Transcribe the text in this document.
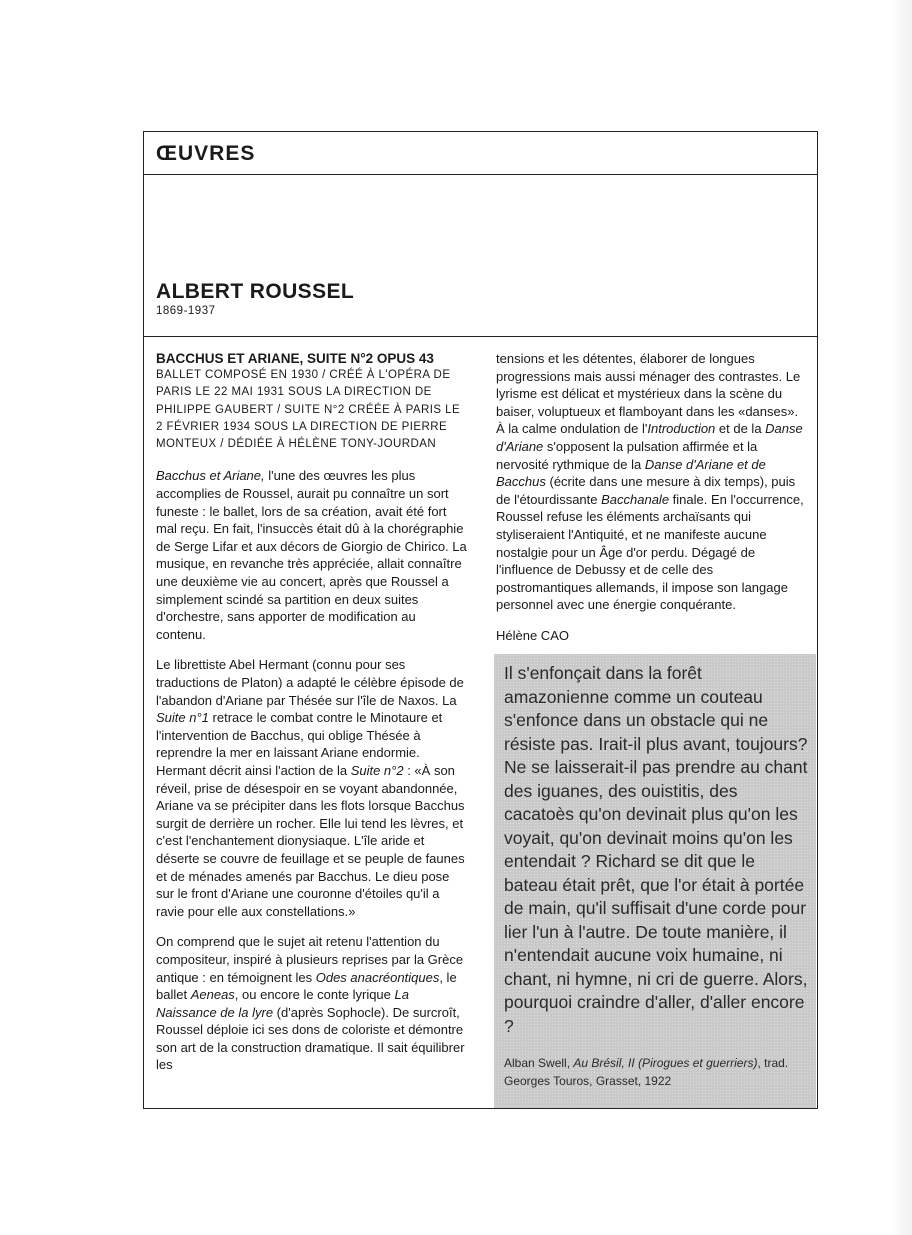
ŒUVRES
ALBERT ROUSSEL
1869-1937
BACCHUS ET ARIANE, SUITE N°2 OPUS 43

BALLET COMPOSÉ EN 1930 / CRÉÉ À L'OPÉRA DE PARIS LE 22 MAI 1931 SOUS LA DIRECTION DE PHILIPPE GAUBERT / SUITE N°2 CRÉÉE À PARIS LE 2 FÉVRIER 1934 SOUS LA DIRECTION DE PIERRE MONTEUX / DÉDIÉE À HÉLÈNE TONY-JOURDAN

Bacchus et Ariane, l'une des œuvres les plus accomplies de Roussel, aurait pu connaître un sort funeste : le ballet, lors de sa création, avait été fort mal reçu. En fait, l'insuccès était dû à la chorégraphie de Serge Lifar et aux décors de Giorgio de Chirico. La musique, en revanche très appréciée, allait connaître une deuxième vie au concert, après que Roussel a simplement scindé sa partition en deux suites d'orchestre, sans apporter de modification au contenu.

Le librettiste Abel Hermant (connu pour ses traductions de Platon) a adapté le célèbre épisode de l'abandon d'Ariane par Thésée sur l'île de Naxos. La Suite n°1 retrace le combat contre le Minotaure et l'intervention de Bacchus, qui oblige Thésée à reprendre la mer en laissant Ariane endormie. Hermant décrit ainsi l'action de la Suite n°2 : «À son réveil, prise de désespoir en se voyant abandonnée, Ariane va se précipiter dans les flots lorsque Bacchus surgit de derrière un rocher. Elle lui tend les lèvres, et c'est l'enchantement dionysiaque. L'île aride et déserte se couvre de feuillage et se peuple de faunes et de ménades amenés par Bacchus. Le dieu pose sur le front d'Ariane une couronne d'étoiles qu'il a ravie pour elle aux constellations.»

On comprend que le sujet ait retenu l'attention du compositeur, inspiré à plusieurs reprises par la Grèce antique : en témoignent les Odes anacréontiques, le ballet Aeneas, ou encore le conte lyrique La Naissance de la lyre (d'après Sophocle). De surcroît, Roussel déploie ici ses dons de coloriste et démontre son art de la construction dramatique. Il sait équilibrer les

tensions et les détentes, élaborer de longues progressions mais aussi ménager des contrastes. Le lyrisme est délicat et mystérieux dans la scène du baiser, voluptueux et flamboyant dans les «danses». À la calme ondulation de l'Introduction et de la Danse d'Ariane s'opposent la pulsation affirmée et la nervosité rythmique de la Danse d'Ariane et de Bacchus (écrite dans une mesure à dix temps), puis de l'étourdissante Bacchanale finale. En l'occurrence, Roussel refuse les éléments archaïsants qui styliseraient l'Antiquité, et ne manifeste aucune nostalgie pour un Âge d'or perdu. Dégagé de l'influence de Debussy et de celle des postromantiques allemands, il impose son langage personnel avec une énergie conquérante.

Hélène CAO

Il s'enfonçait dans la forêt amazonienne comme un couteau s'enfonce dans un obstacle qui ne résiste pas. Irait-il plus avant, toujours? Ne se laisserait-il pas prendre au chant des iguanes, des ouistitis, des cacatoès qu'on devinait plus qu'on les voyait, qu'on devinait moins qu'on les entendait ? Richard se dit que le bateau était prêt, que l'or était à portée de main, qu'il suffisait d'une corde pour lier l'un à l'autre. De toute manière, il n'entendait aucune voix humaine, ni chant, ni hymne, ni cri de guerre. Alors, pourquoi craindre d'aller, d'aller encore ?

Alban Swell, Au Brésil, II (Pirogues et guerriers), trad. Georges Touros, Grasset, 1922
